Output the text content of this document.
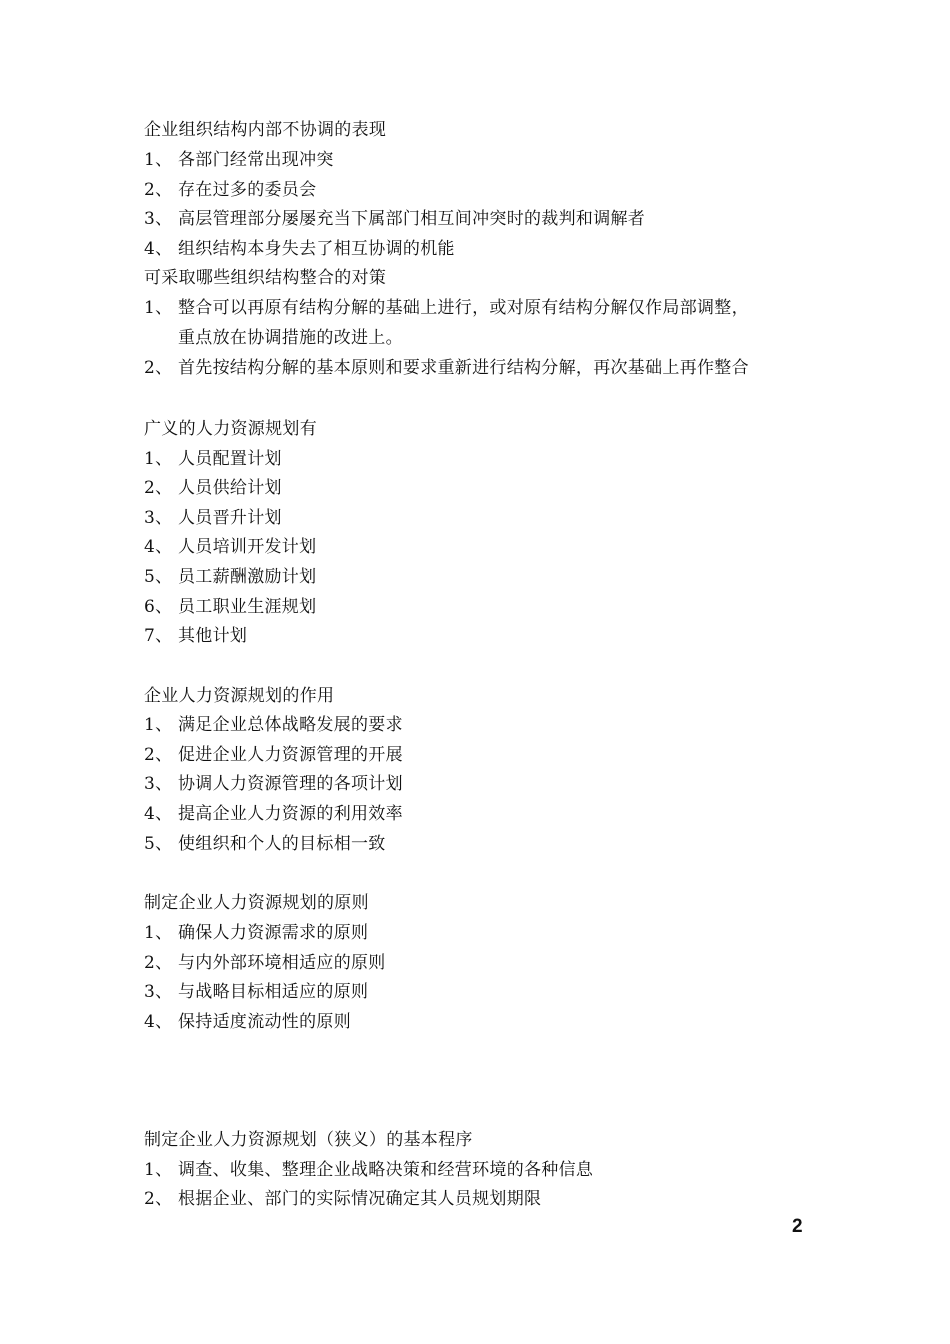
企业组织结构内部不协调的表现
1、 各部门经常出现冲突
2、 存在过多的委员会
3、 高层管理部分屡屡充当下属部门相互间冲突时的裁判和调解者
4、 组织结构本身失去了相互协调的机能
可采取哪些组织结构整合的对策
1、 整合可以再原有结构分解的基础上进行，或对原有结构分解仅作局部调整，
重点放在协调措施的改进上。
2、 首先按结构分解的基本原则和要求重新进行结构分解，再次基础上再作整合
广义的人力资源规划有
1、 人员配置计划
2、 人员供给计划
3、 人员晋升计划
4、 人员培训开发计划
5、 员工薪酬激励计划
6、 员工职业生涯规划
7、 其他计划
企业人力资源规划的作用
1、 满足企业总体战略发展的要求
2、 促进企业人力资源管理的开展
3、 协调人力资源管理的各项计划
4、 提高企业人力资源的利用效率
5、 使组织和个人的目标相一致
制定企业人力资源规划的原则
1、 确保人力资源需求的原则
2、 与内外部环境相适应的原则
3、 与战略目标相适应的原则
4、 保持适度流动性的原则
制定企业人力资源规划（狭义）的基本程序
1、 调查、收集、整理企业战略决策和经营环境的各种信息
2、 根据企业、部门的实际情况确定其人员规划期限
2
